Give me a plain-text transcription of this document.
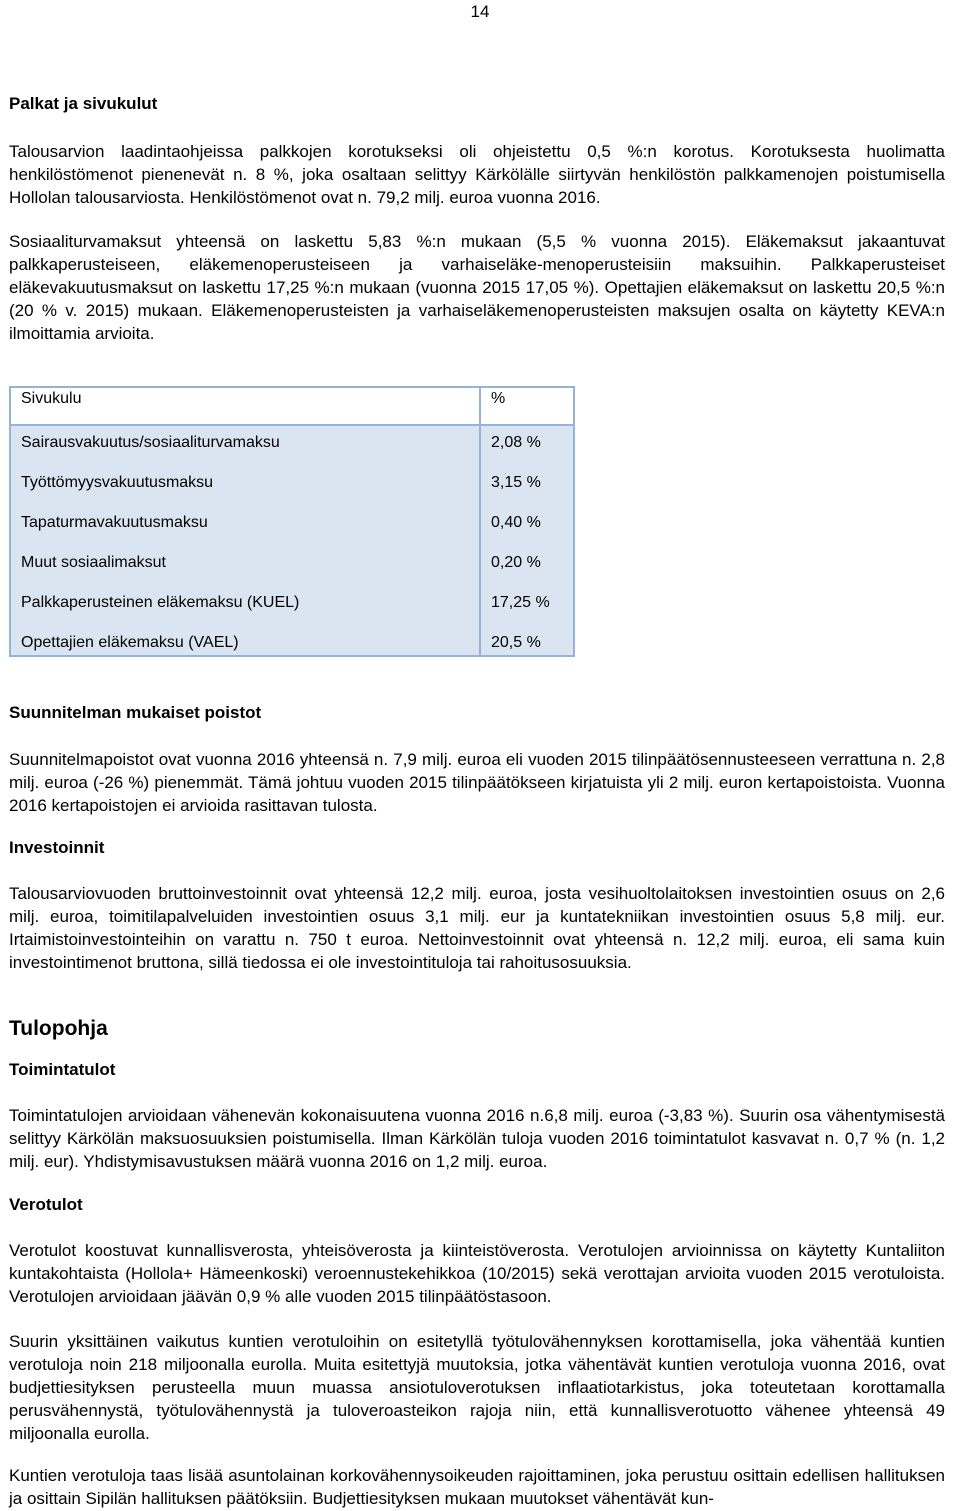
14
Palkat ja sivukulut

Talousarvion laadintaohjeissa palkkojen korotukseksi oli ohjeistettu 0,5 %:n korotus. Korotuksesta huolimatta henkilöstömenot pienenevät n. 8 %, joka osaltaan selittyy Kärkölälle siirtyvän henkilöstön palkkamenojen poistumisella Hollolan talousarviosta. Henkilöstömenot ovat n. 79,2 milj. euroa vuonna 2016.

Sosiaaliturvamaksut yhteensä on laskettu 5,83 %:n mukaan (5,5 % vuonna 2015). Eläkemaksut jakaantuvat palkkaperusteiseen, eläkemenoperusteiseen ja varhaiseläke-menoperusteisiin maksuihin. Palkkaperusteiset eläkevakuutusmaksut on laskettu 17,25 %:n mukaan (vuonna 2015 17,05 %). Opettajien eläkemaksut on laskettu 20,5 %:n (20 % v. 2015) mukaan. Eläkemenoperusteisten ja varhaiseläkemenoperusteisten maksujen osalta on käytetty KEVA:n ilmoittamia arvioita.

Sivukulu	%
Sairausvakuutus/sosiaaliturvamaksu	2,08 %
Työttömyysvakuutusmaksu	3,15 %
Tapaturmavakuutusmaksu	0,40 %
Muut sosiaalimaksut	0,20 %
Palkkaperusteinen eläkemaksu (KUEL)	17,25 %
Opettajien eläkemaksu (VAEL)	20,5 %
Suunnitelman mukaiset poistot

Suunnitelmapoistot ovat vuonna 2016 yhteensä n. 7,9 milj. euroa eli vuoden 2015 tilinpäätösennusteeseen verrattuna n. 2,8 milj. euroa (-26 %) pienemmät. Tämä johtuu vuoden 2015 tilinpäätökseen kirjatuista yli 2 milj. euron kertapoistoista. Vuonna 2016 kertapoistojen ei arvioida rasittavan tulosta.

Investoinnit

Talousarviovuoden bruttoinvestoinnit ovat yhteensä 12,2 milj. euroa, josta vesihuoltolaitoksen investointien osuus on 2,6 milj. euroa, toimitilapalveluiden investointien osuus 3,1 milj. eur ja kuntatekniikan investointien osuus 5,8 milj. eur. Irtaimistoinvestointeihin on varattu n. 750 t euroa. Nettoinvestoinnit ovat yhteensä n. 12,2 milj. euroa, eli sama kuin investointimenot bruttona, sillä tiedossa ei ole investointituloja tai rahoitusosuuksia.

Tulopohja
Toimintatulot

Toimintatulojen arvioidaan vähenevän kokonaisuutena vuonna 2016 n.6,8 milj. euroa (-3,83 %). Suurin osa vähentymisestä selittyy Kärkölän maksuosuuksien poistumisella. Ilman Kärkölän tuloja vuoden 2016 toimintatulot kasvavat n. 0,7 % (n. 1,2 milj. eur). Yhdistymisavustuksen määrä vuonna 2016 on 1,2 milj. euroa.

Verotulot

Verotulot koostuvat kunnallisverosta, yhteisöverosta ja kiinteistöverosta. Verotulojen arvioinnissa on käytetty Kuntaliiton kuntakohtaista (Hollola+ Hämeenkoski) veroennustekehikkoa (10/2015) sekä verottajan arvioita vuoden 2015 verotuloista. Verotulojen arvioidaan jäävän 0,9 % alle vuoden 2015 tilinpäätöstasoon.

Suurin yksittäinen vaikutus kuntien verotuloihin on esitetyllä työtulovähennyksen korottamisella, joka vähentää kuntien verotuloja noin 218 miljoonalla eurolla. Muita esitettyjä muutoksia, jotka vähentävät kuntien verotuloja vuonna 2016, ovat budjettiesityksen perusteella muun muassa ansiotuloverotuksen inflaatiotarkistus, joka toteutetaan korottamalla perusvähennystä, työtulovähennystä ja tuloveroasteikon rajoja niin, että kunnallisverotuotto vähenee yhteensä 49 miljoonalla eurolla.

Kuntien verotuloja taas lisää asuntolainan korkovähennysoikeuden rajoittaminen, joka perustuu osittain edellisen hallituksen ja osittain Sipilän hallituksen päätöksiin. Budjettiesityksen mukaan muutokset vähentävät kun-
